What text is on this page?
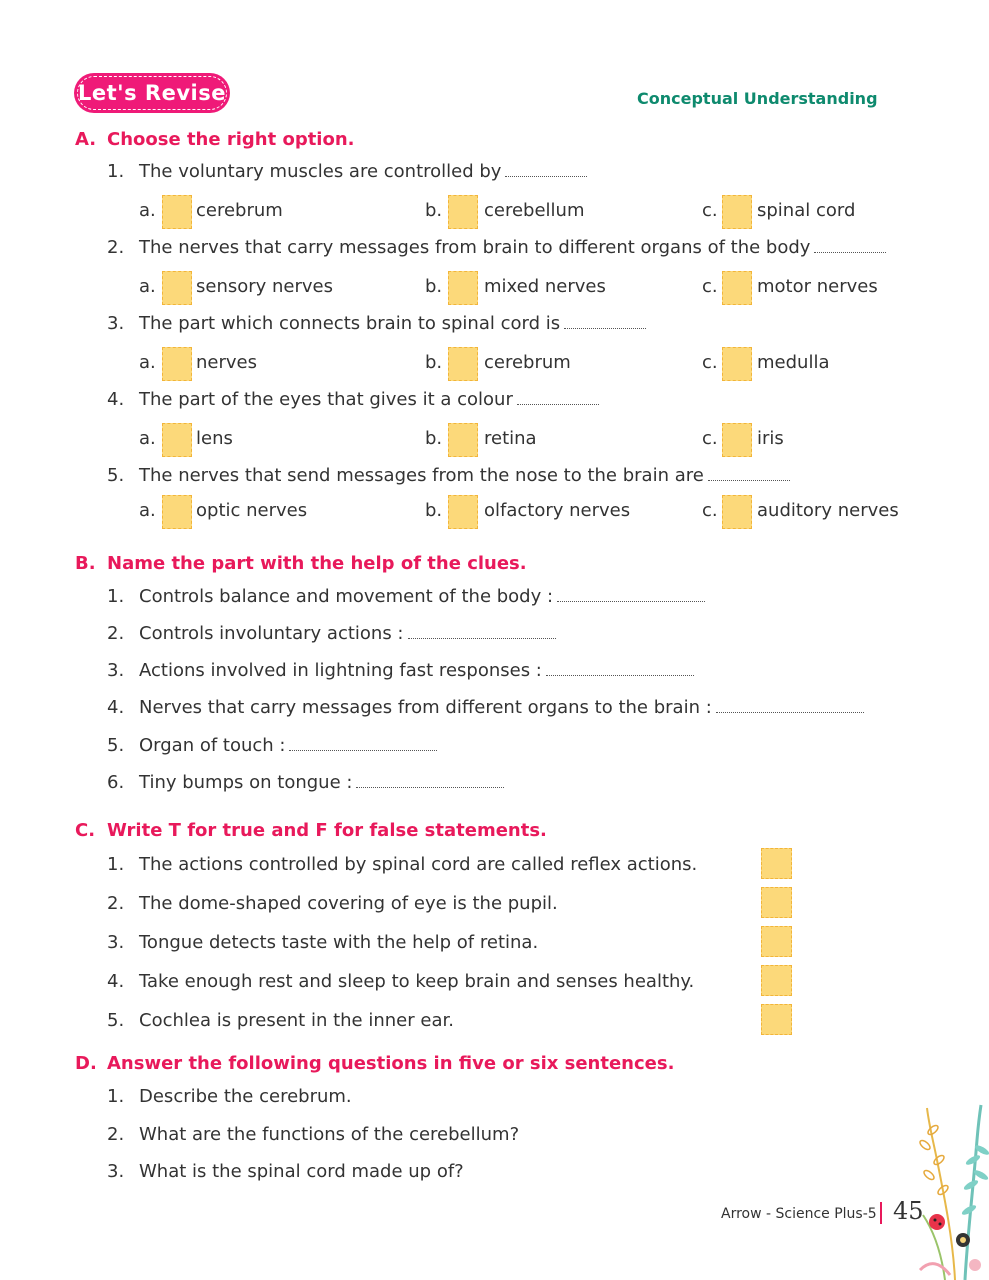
Let's Revise	Conceptual Understanding
A. Choose the right option.
1. The voluntary muscles are controlled by
a. cerebrum	b. cerebellum	c. spinal cord
2. The nerves that carry messages from brain to different organs of the body
a. sensory nerves	b. mixed nerves	c. motor nerves
3. The part which connects brain to spinal cord is
a. nerves	b. cerebrum	c. medulla
4. The part of the eyes that gives it a colour
a. lens	b. retina	c. iris
5. The nerves that send messages from the nose to the brain are
a. optic nerves	b. olfactory nerves	c. auditory nerves
B. Name the part with the help of the clues.
1. Controls balance and movement of the body :
2. Controls involuntary actions :
3. Actions involved in lightning fast responses :
4. Nerves that carry messages from different organs to the brain :
5. Organ of touch :
6. Tiny bumps on tongue :
C. Write T for true and F for false statements.
1. The actions controlled by spinal cord are called reflex actions.
2. The dome-shaped covering of eye is the pupil.
3. Tongue detects taste with the help of retina.
4. Take enough rest and sleep to keep brain and senses healthy.
5. Cochlea is present in the inner ear.
D. Answer the following questions in five or six sentences.
1. Describe the cerebrum.
2. What are the functions of the cerebellum?
3. What is the spinal cord made up of?
Arrow - Science Plus-5 45
